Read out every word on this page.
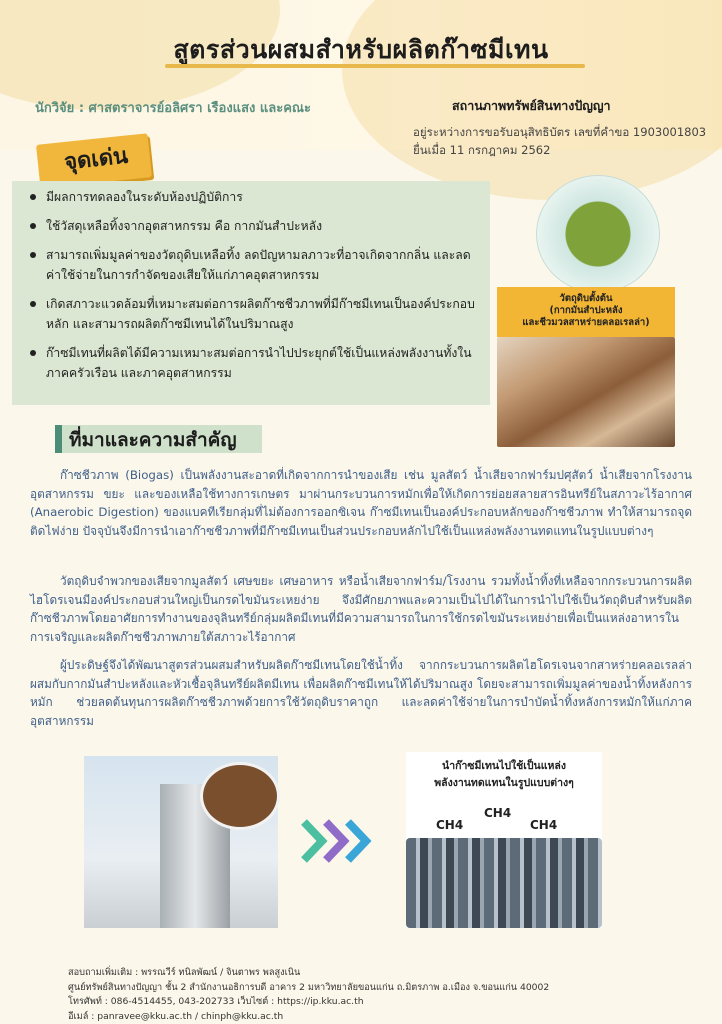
สูตรส่วนผสมสำหรับผลิตก๊าซมีเทน
นักวิจัย : ศาสตราจารย์อลิศรา เรืองแสง และคณะ	สถานภาพทรัพย์สินทางปัญญา
อยู่ระหว่างการขอรับอนุสิทธิบัตร เลขที่คำขอ 1903001803
ยื่นเมื่อ 11 กรกฎาคม 2562
จุดเด่น
มีผลการทดลองในระดับห้องปฏิบัติการ
ใช้วัสดุเหลือทิ้งจากอุตสาหกรรม คือ กากมันสำปะหลัง
สามารถเพิ่มมูลค่าของวัตถุดิบเหลือทิ้ง ลดปัญหามลภาวะที่อาจเกิดจากกลิ่น และลดค่าใช้จ่ายในการกำจัดของเสียให้แก่ภาคอุตสาหกรรม
เกิดสภาวะแวดล้อมที่เหมาะสมต่อการผลิตก๊าซชีวภาพที่มีก๊าซมีเทนเป็นองค์ประกอบหลัก และสามารถผลิตก๊าซมีเทนได้ในปริมาณสูง
ก๊าซมีเทนที่ผลิตได้มีความเหมาะสมต่อการนำไปประยุกต์ใช้เป็นแหล่งพลังงานทั้งในภาคครัวเรือน และภาคอุตสาหกรรม
วัตถุดิบตั้งต้น
(กากมันสำปะหลัง
และชีวมวลสาหร่ายคลอเรลล่า)
ที่มาและความสำคัญ
ก๊าซชีวภาพ (Biogas) เป็นพลังงานสะอาดที่เกิดจากการนำของเสีย เช่น มูลสัตว์ น้ำเสียจากฟาร์มปศุสัตว์ น้ำเสียจากโรงงานอุตสาหกรรม ขยะ และของเหลือใช้ทางการเกษตร มาผ่านกระบวนการหมักเพื่อให้เกิดการย่อยสลายสารอินทรีย์ในสภาวะไร้อากาศ (Anaerobic Digestion) ของแบคทีเรียกลุ่มที่ไม่ต้องการออกซิเจน ก๊าซมีเทนเป็นองค์ประกอบหลักของก๊าซชีวภาพ ทำให้สามารถจุดติดไฟง่าย ปัจจุบันจึงมีการนำเอาก๊าซชีวภาพที่มีก๊าซมีเทนเป็นส่วนประกอบหลักไปใช้เป็นแหล่งพลังงานทดแทนในรูปแบบต่างๆ
วัตถุดิบจำพวกของเสียจากมูลสัตว์ เศษขยะ เศษอาหาร หรือน้ำเสียจากฟาร์ม/โรงงาน รวมทั้งน้ำทิ้งที่เหลือจากกระบวนการผลิตไฮโดรเจนมีองค์ประกอบส่วนใหญ่เป็นกรดไขมันระเหยง่าย จึงมีศักยภาพและความเป็นไปได้ในการนำไปใช้เป็นวัตถุดิบสำหรับผลิตก๊าซชีวภาพโดยอาศัยการทำงานของจุลินทรีย์กลุ่มผลิตมีเทนที่มีความสามารถในการใช้กรดไขมันระเหยง่ายเพื่อเป็นแหล่งอาหารในการเจริญและผลิตก๊าซชีวภาพภายใต้สภาวะไร้อากาศ
ผู้ประดิษฐ์จึงได้พัฒนาสูตรส่วนผสมสำหรับผลิตก๊าซมีเทนโดยใช้น้ำทิ้ง จากกระบวนการผลิตไฮโดรเจนจากสาหร่ายคลอเรลล่าผสมกับกากมันสำปะหลังและหัวเชื้อจุลินทรีย์ผลิตมีเทน เพื่อผลิตก๊าซมีเทนให้ได้ปริมาณสูง โดยจะสามารถเพิ่มมูลค่าของน้ำทิ้งหลังการหมัก ช่วยลดต้นทุนการผลิตก๊าซชีวภาพด้วยการใช้วัตถุดิบราคาถูก และลดค่าใช้จ่ายในการบำบัดน้ำทิ้งหลังการหมักให้แก่ภาคอุตสาหกรรม
นำก๊าซมีเทนไปใช้เป็นแหล่ง
พลังงานทดแทนในรูปแบบต่างๆ
CH4
CH4
CH4
สอบถามเพิ่มเติม : พรรณวีร์ ทนิลพัฒน์ / จินตาพร พลสูงเนิน
ศูนย์ทรัพย์สินทางปัญญา ชั้น 2 สำนักงานอธิการบดี อาคาร 2 มหาวิทยาลัยขอนแก่น ถ.มิตรภาพ อ.เมือง จ.ขอนแก่น 40002
โทรศัพท์ : 086-4514455, 043-202733 เว็บไซต์ : https://ip.kku.ac.th
อีเมล์ : panravee@kku.ac.th / chinph@kku.ac.th
